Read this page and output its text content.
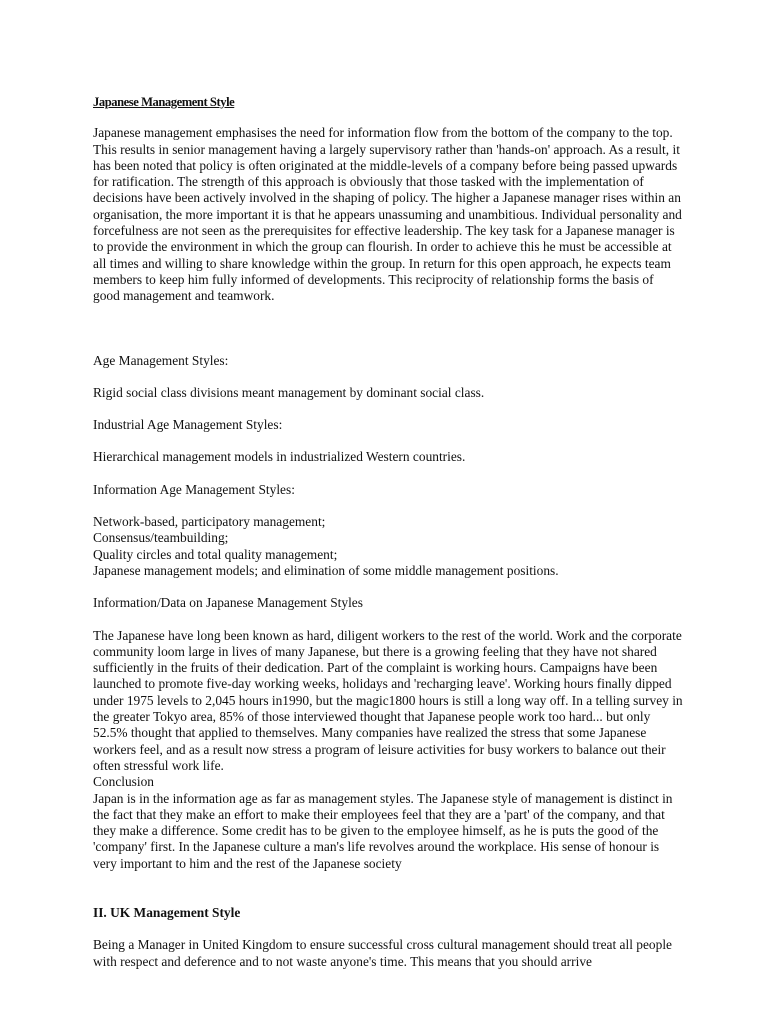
Japanese Management Style

Japanese management emphasises the need for information flow from the bottom of the company to the top. This results in senior management having a largely supervisory rather than 'hands-on' approach. As a result, it has been noted that policy is often originated at the middle-levels of a company before being passed upwards for ratification. The strength of this approach is obviously that those tasked with the implementation of decisions have been actively involved in the shaping of policy. The higher a Japanese manager rises within an organisation, the more important it is that he appears unassuming and unambitious. Individual personality and forcefulness are not seen as the prerequisites for effective leadership. The key task for a Japanese manager is to provide the environment in which the group can flourish. In order to achieve this he must be accessible at all times and willing to share knowledge within the group. In return for this open approach, he expects team members to keep him fully informed of developments. This reciprocity of relationship forms the basis of good management and teamwork.

Age Management Styles:

Rigid social class divisions meant management by dominant social class.

Industrial Age Management Styles:

Hierarchical management models in industrialized Western countries.

Information Age Management Styles:

Network-based, participatory management;
Consensus/teambuilding;
Quality circles and total quality management;
Japanese management models; and elimination of some middle management positions.

Information/Data on Japanese Management Styles

The Japanese have long been known as hard, diligent workers to the rest of the world. Work and the corporate community loom large in lives of many Japanese, but there is a growing feeling that they have not shared sufficiently in the fruits of their dedication. Part of the complaint is working hours. Campaigns have been launched to promote five-day working weeks, holidays and 'recharging leave'. Working hours finally dipped under 1975 levels to 2,045 hours in1990, but the magic1800 hours is still a long way off. In a telling survey in the greater Tokyo area, 85% of those interviewed thought that Japanese people work too hard... but only 52.5% thought that applied to themselves. Many companies have realized the stress that some Japanese workers feel, and as a result now stress a program of leisure activities for busy workers to balance out their often stressful work life.

Conclusion

Japan is in the information age as far as management styles. The Japanese style of management is distinct in the fact that they make an effort to make their employees feel that they are a 'part' of the company, and that they make a difference. Some credit has to be given to the employee himself, as he is puts the good of the 'company' first. In the Japanese culture a man's life revolves around the workplace. His sense of honour is very important to him and the rest of the Japanese society

II. UK Management Style

Being a Manager in United Kingdom to ensure successful cross cultural management should treat all people with respect and deference and to not waste anyone's time. This means that you should arrive
